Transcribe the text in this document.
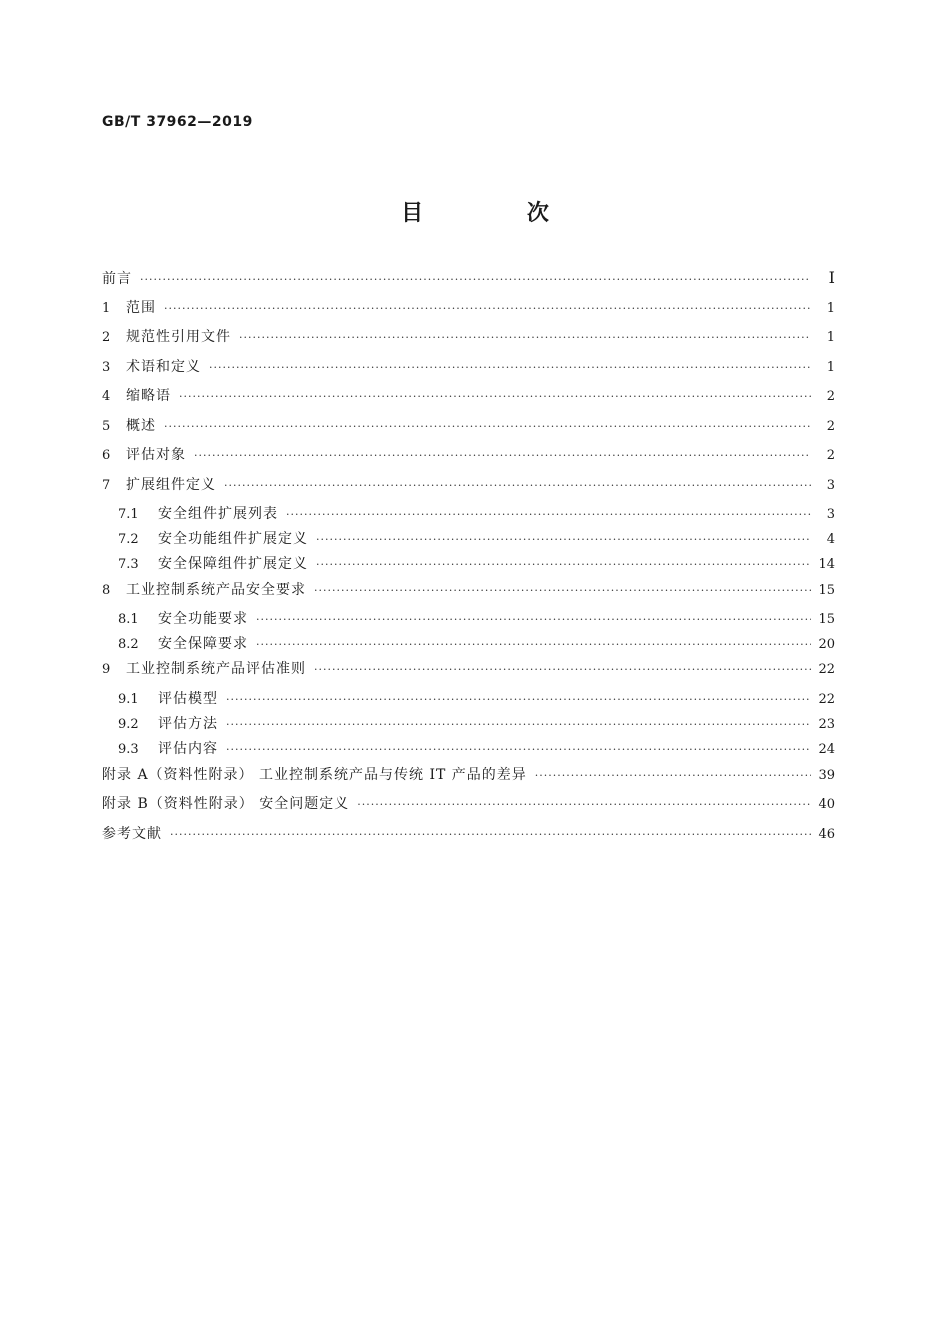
GB/T 37962—2019
目 次
前言 ·····	I
1	范围 ·····	1
2	规范性引用文件 ·····	1
3	术语和定义 ·····	1
4	缩略语 ·····	2
5	概述 ·····	2
6	评估对象 ·····	2
7	扩展组件定义 ·····	3
7.1	安全组件扩展列表 ·····	3
7.2	安全功能组件扩展定义 ·····	4
7.3	安全保障组件扩展定义 ·····	14
8	工业控制系统产品安全要求 ·····	15
8.1	安全功能要求 ·····	15
8.2	安全保障要求 ·····	20
9	工业控制系统产品评估准则 ·····	22
9.1	评估模型 ·····	22
9.2	评估方法 ·····	23
9.3	评估内容 ·····	24
附录 A（资料性附录） 工业控制系统产品与传统 IT 产品的差异 ·····	39
附录 B（资料性附录） 安全问题定义 ·····	40
参考文献 ·····	46
